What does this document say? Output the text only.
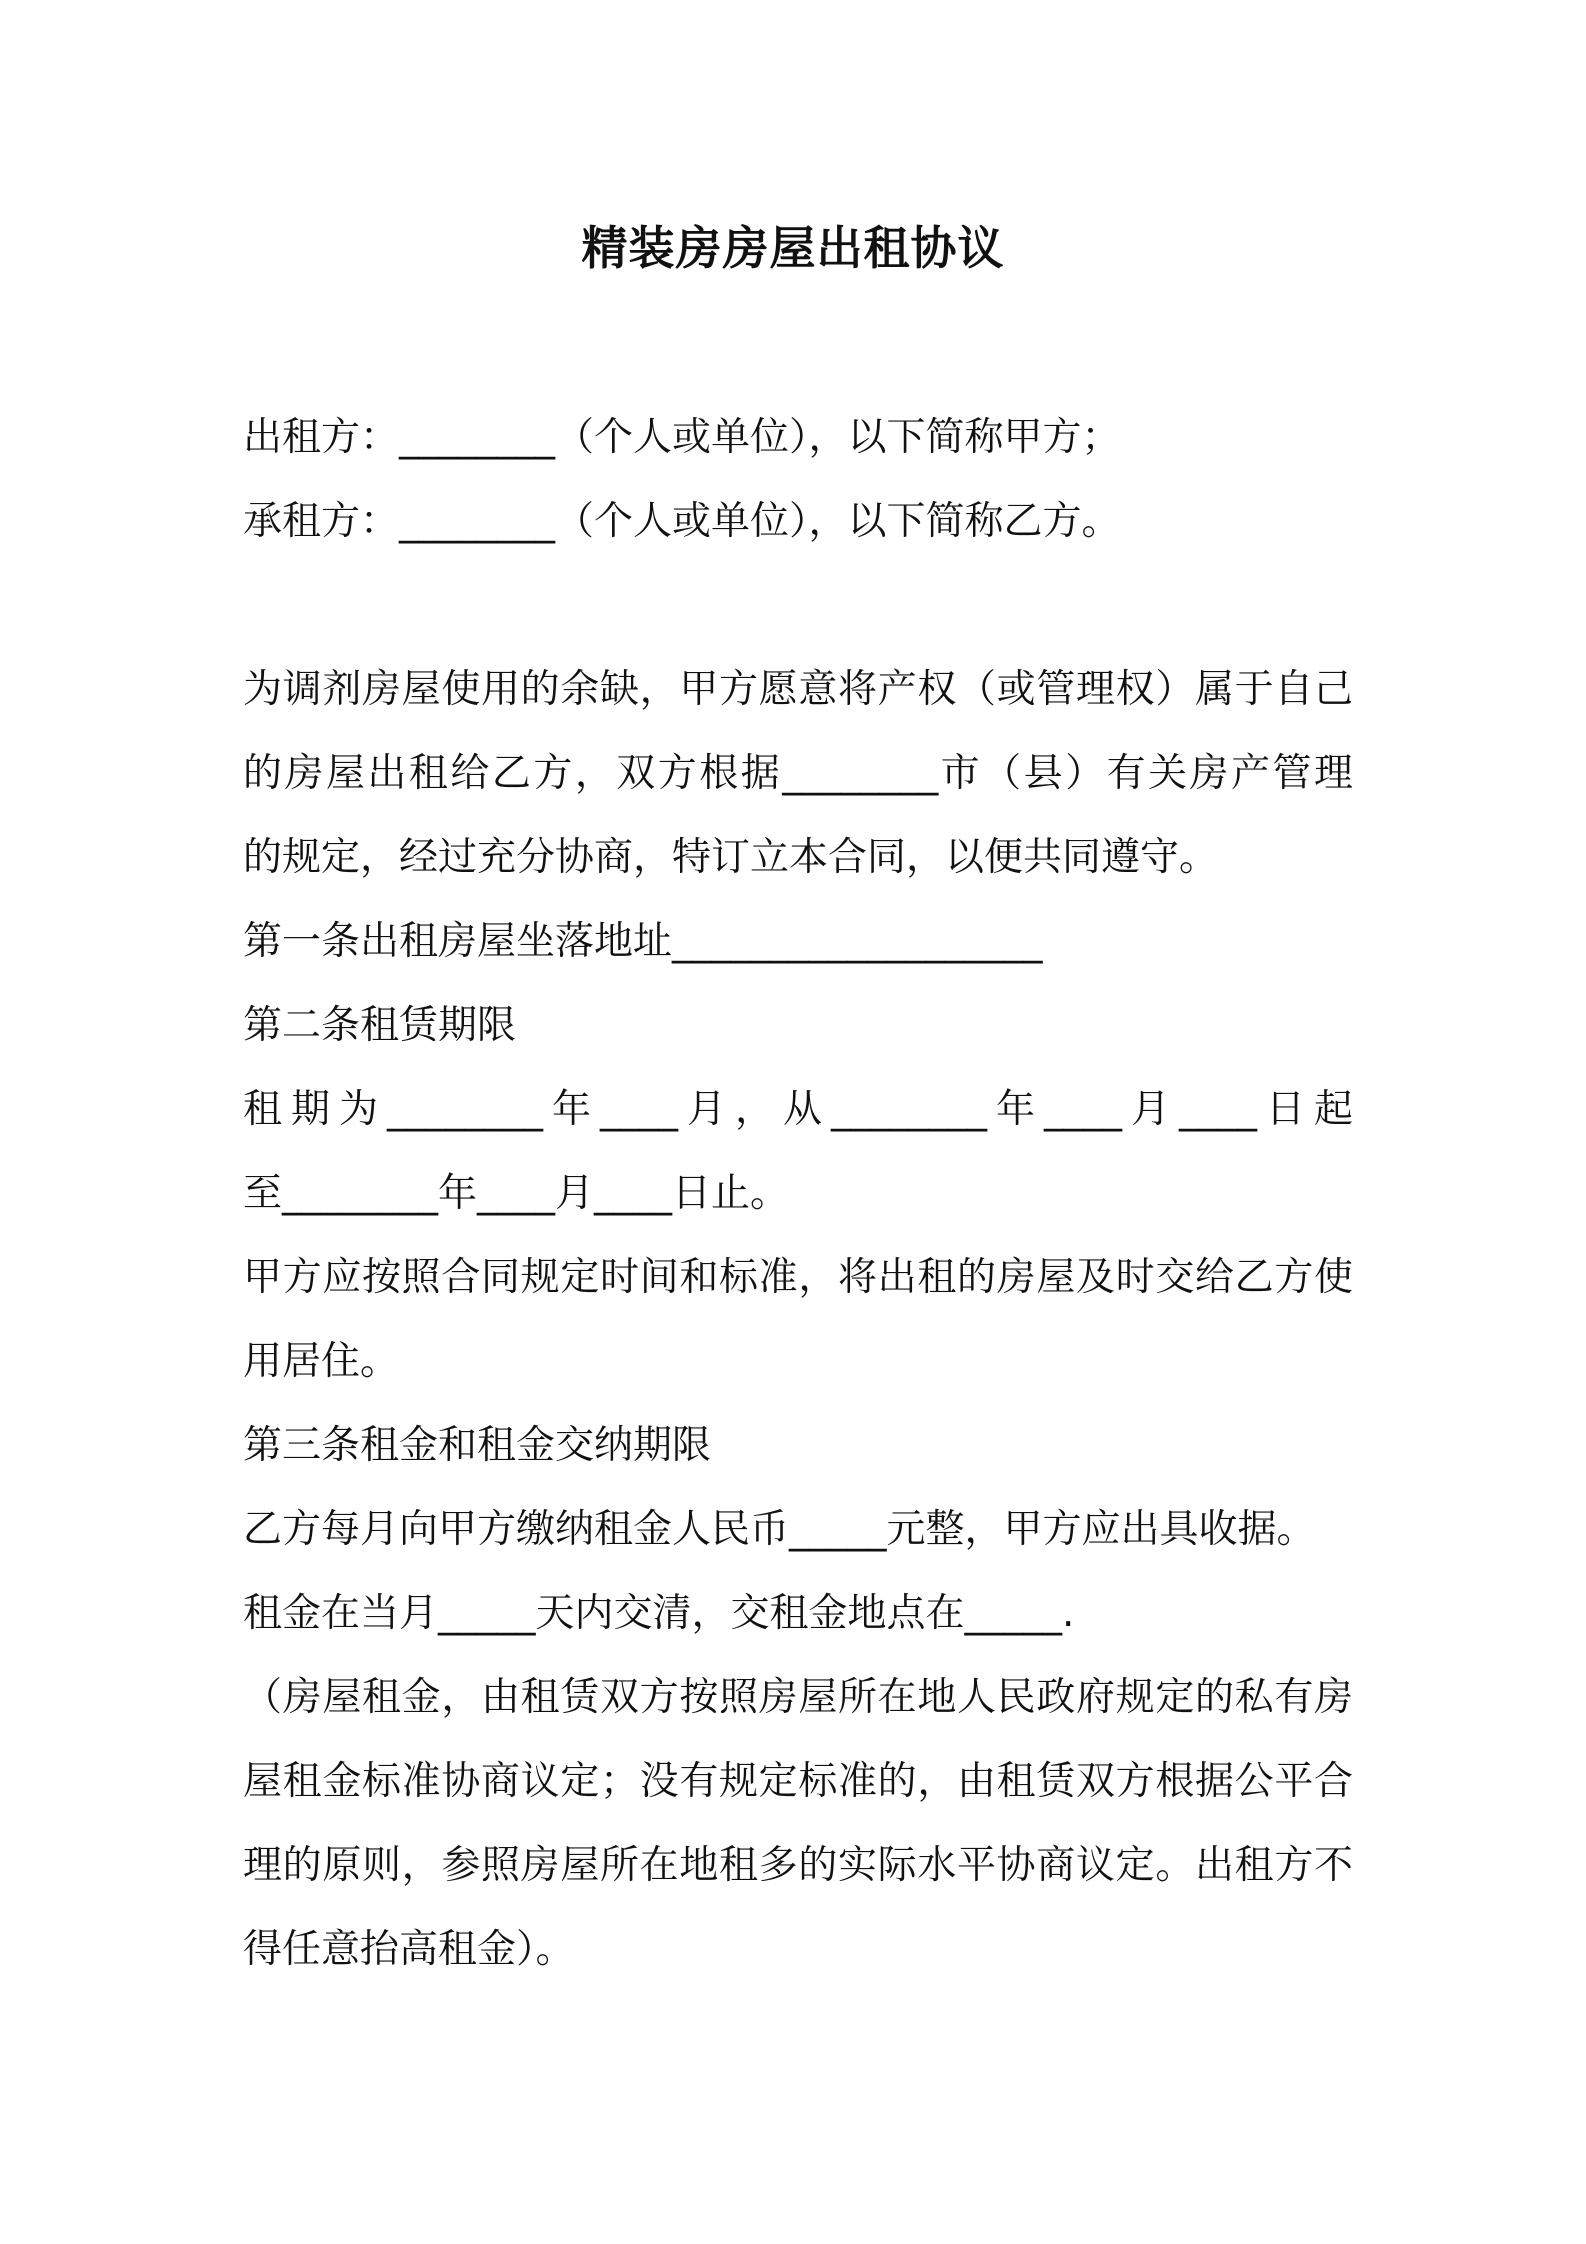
精装房房屋出租协议
出租方：________（个人或单位），以下简称甲方；
承租方：________（个人或单位），以下简称乙方。
为调剂房屋使用的余缺，甲方愿意将产权（或管理权）属于自己
的房屋出租给乙方，双方根据________市（县）有关房产管理
的规定，经过充分协商，特订立本合同，以便共同遵守。
第一条出租房屋坐落地址___________________
第二条租赁期限
租期为________年____月，从________年____月____日起
至________年____月____日止。
甲方应按照合同规定时间和标准，将出租的房屋及时交给乙方使
用居住。
第三条租金和租金交纳期限
乙方每月向甲方缴纳租金人民币_____元整，甲方应出具收据。
租金在当月_____天内交清，交租金地点在_____.
（房屋租金，由租赁双方按照房屋所在地人民政府规定的私有房
屋租金标准协商议定；没有规定标准的，由租赁双方根据公平合
理的原则，参照房屋所在地租多的实际水平协商议定。出租方不
得任意抬高租金）。
